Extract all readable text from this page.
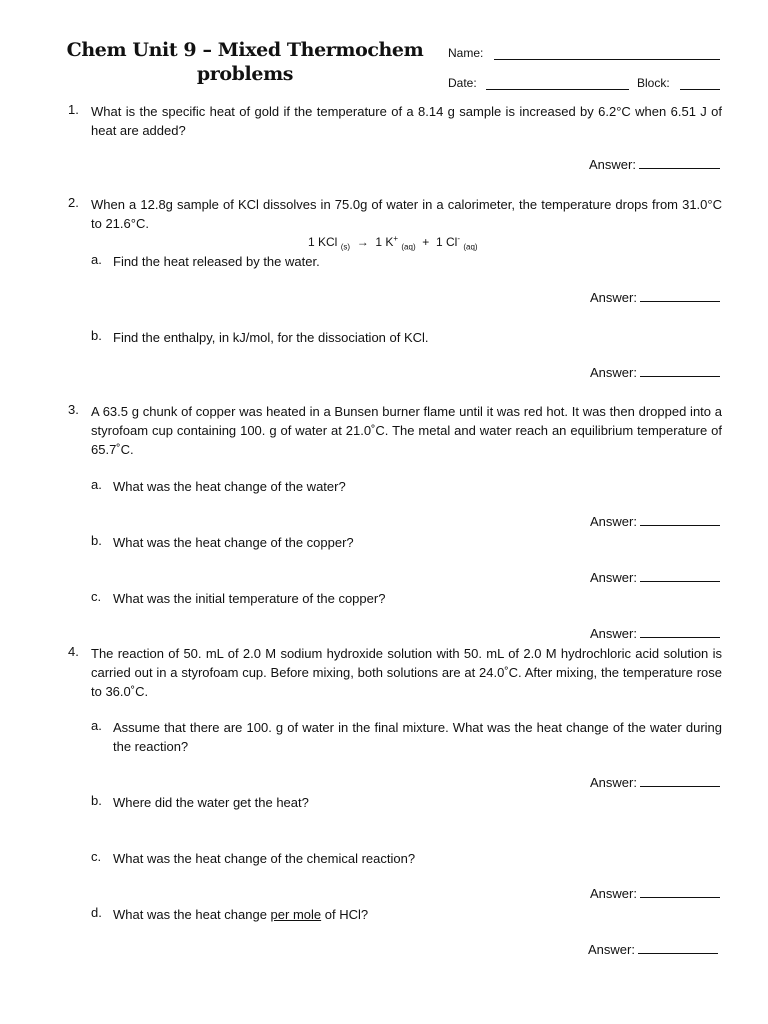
Chem Unit 9 – Mixed Thermochem
problems
Name:
Date:	Block:
1. What is the specific heat of gold if the temperature of a 8.14 g sample is increased by 6.2°C when 6.51 J of heat are added?
Answer:
2. When a 12.8g sample of KCl dissolves in 75.0g of water in a calorimeter, the temperature drops from 31.0°C to 21.6°C.
1 KCl $_{(s)}$ → 1 K+ $_{(aq)}$ + 1 Cl- $_{(aq)}$
a. Find the heat released by the water.
Answer:
b. Find the enthalpy, in kJ/mol, for the dissociation of KCl.
Answer:
3. A 63.5 g chunk of copper was heated in a Bunsen burner flame until it was red hot. It was then dropped into a styrofoam cup containing 100. g of water at 21.0˚C. The metal and water reach an equilibrium temperature of 65.7˚C.
a. What was the heat change of the water?
Answer:
b. What was the heat change of the copper?
Answer:
c. What was the initial temperature of the copper?
Answer:
4. The reaction of 50. mL of 2.0 M sodium hydroxide solution with 50. mL of 2.0 M hydrochloric acid solution is carried out in a styrofoam cup. Before mixing, both solutions are at 24.0˚C. After mixing, the temperature rose to 36.0˚C.
a. Assume that there are 100. g of water in the final mixture. What was the heat change of the water during the reaction?
Answer:
b. Where did the water get the heat?
c. What was the heat change of the chemical reaction?
Answer:
d. What was the heat change per mole of HCl?
Answer:
